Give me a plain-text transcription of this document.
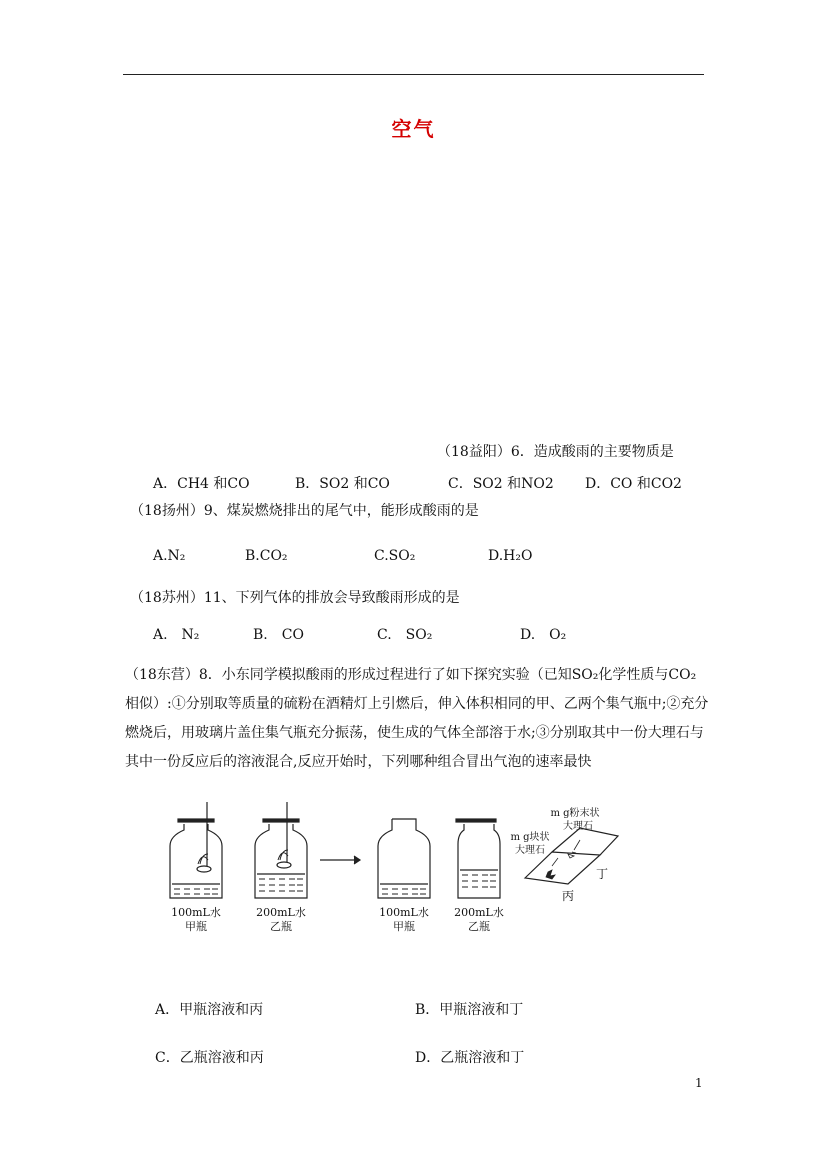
空气
（18益阳）6．造成酸雨的主要物质是
A．CH4 和CO	B．SO2 和CO	C．SO2 和NO2 D．CO 和CO2
（18扬州）9、煤炭燃烧排出的尾气中，能形成酸雨的是
A.N₂	B.CO₂	C.SO₂	D.H₂O
（18苏州）11、下列气体的排放会导致酸雨形成的是
A.　N₂	B.　CO	C.　SO₂	D.　O₂
（18东营）8．小东同学模拟酸雨的形成过程进行了如下探究实验（已知SO₂化学性质与CO₂相似）:①分别取等质量的硫粉在酒精灯上引燃后，伸入体积相同的甲、乙两个集气瓶中;②充分燃烧后，用玻璃片盖住集气瓶充分振荡，使生成的气体全部溶于水;③分别取其中一份大理石与其中一份反应后的溶液混合,反应开始时，下列哪种组合冒出气泡的速率最快
100mL水
甲瓶
200mL水
乙瓶
100mL水
甲瓶
200mL水
乙瓶
m g块状
大理石
m g粉末状
大理石
丙
丁
A．甲瓶溶液和丙	B．甲瓶溶液和丁
C．乙瓶溶液和丙	D．乙瓶溶液和丁
1
